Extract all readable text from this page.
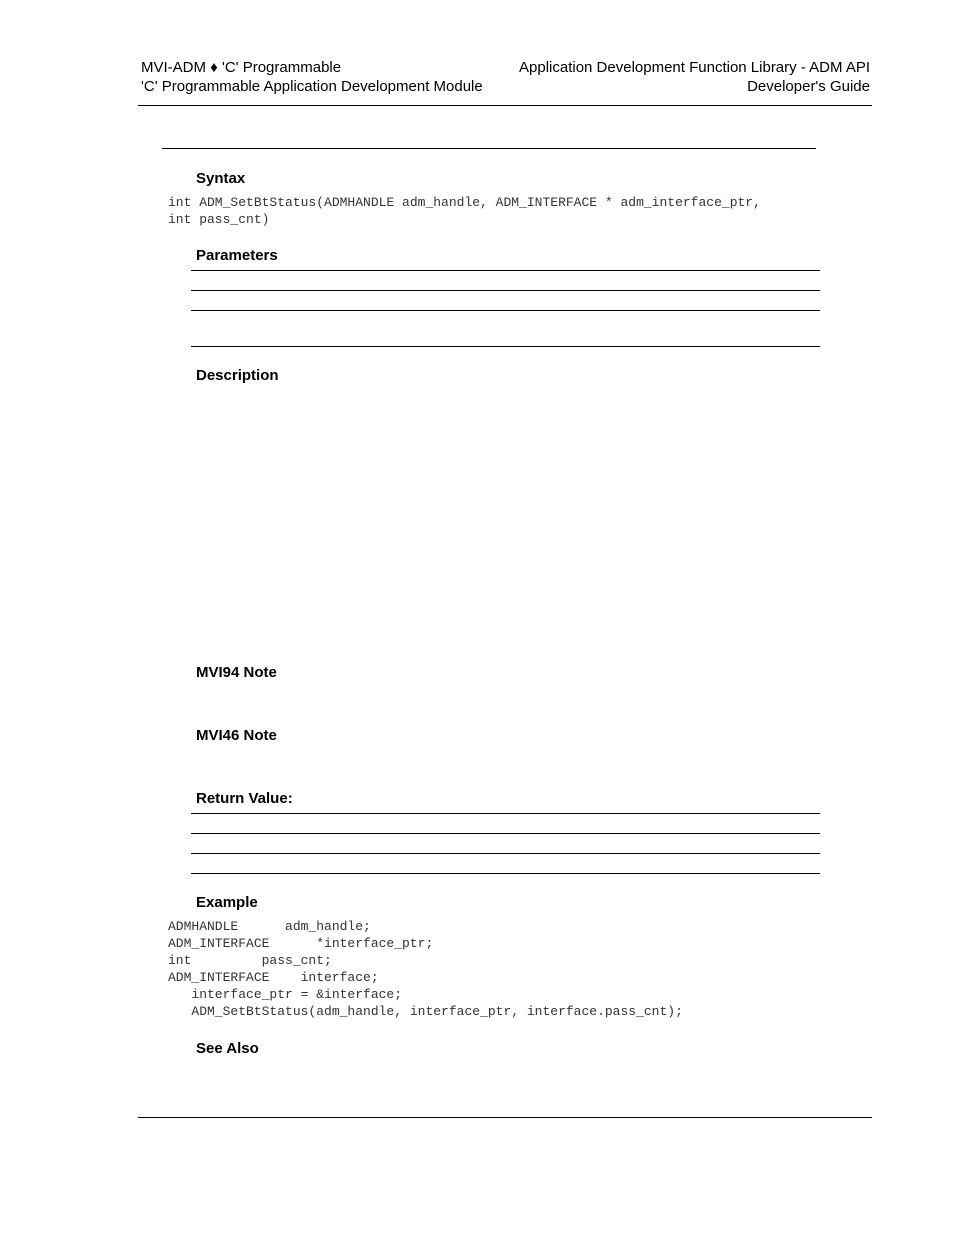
MVI-ADM ♦ 'C' Programmable
'C' Programmable Application Development Module
Application Development Function Library - ADM API
Developer's Guide
Syntax
int ADM_SetBtStatus(ADMHANDLE adm_handle, ADM_INTERFACE * adm_interface_ptr,
int pass_cnt)
Parameters
Description
MVI94 Note
MVI46 Note
Return Value:
Example
ADMHANDLE      adm_handle;
ADM_INTERFACE      *interface_ptr;
int         pass_cnt;
ADM_INTERFACE    interface;
interface_ptr = &interface;
ADM_SetBtStatus(adm_handle, interface_ptr, interface.pass_cnt);
See Also
